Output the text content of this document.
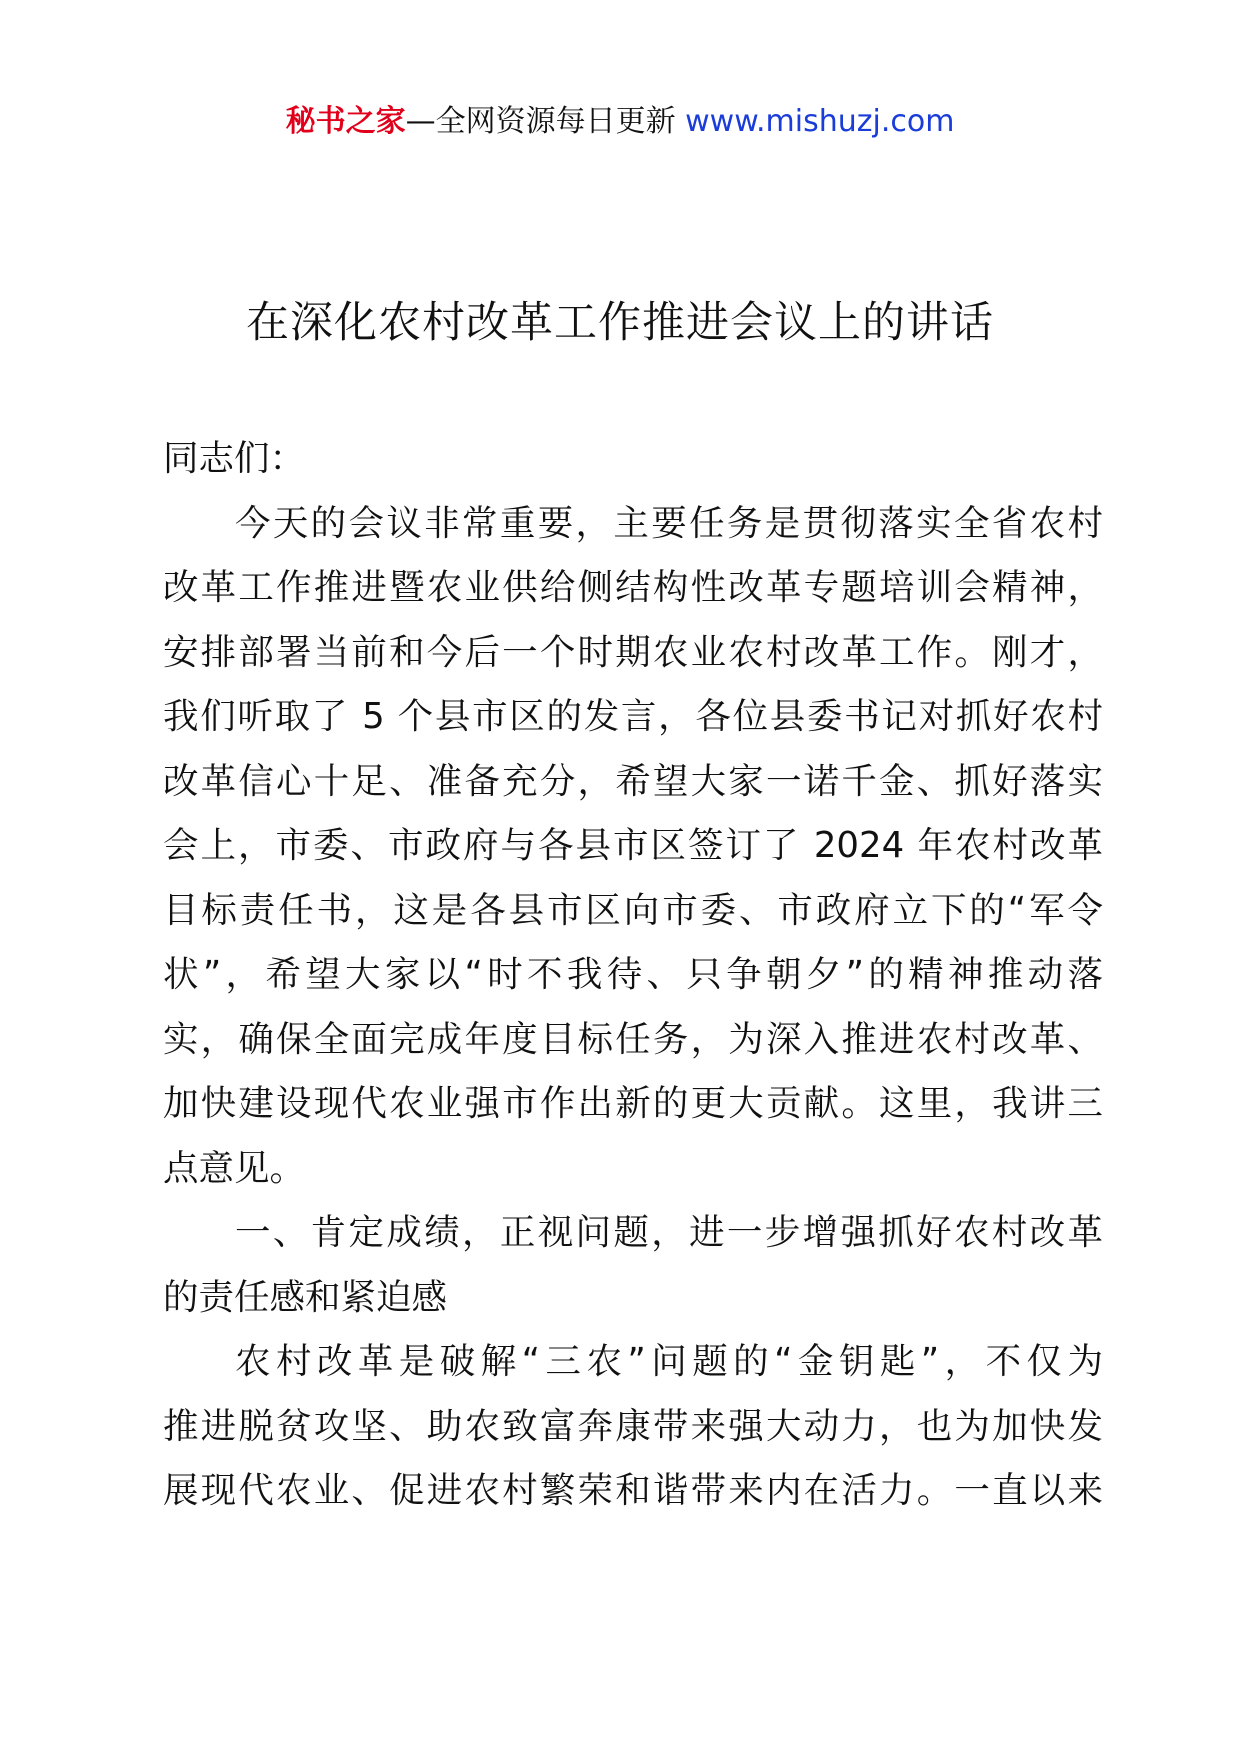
秘书之家—全网资源每日更新 www.mishuzj.com
在深化农村改革工作推进会议上的讲话
同志们：
今天的会议非常重要，主要任务是贯彻落实全省农村
改革工作推进暨农业供给侧结构性改革专题培训会精神，
安排部署当前和今后一个时期农业农村改革工作。刚才，
我们听取了 5 个县市区的发言，各位县委书记对抓好农村
改革信心十足、准备充分，希望大家一诺千金、抓好落实
会上，市委、市政府与各县市区签订了 2024 年农村改革
目标责任书，这是各县市区向市委、市政府立下的“军令
状”，希望大家以“时不我待、只争朝夕”的精神推动落
实，确保全面完成年度目标任务，为深入推进农村改革、
加快建设现代农业强市作出新的更大贡献。这里，我讲三
点意见。
一、肯定成绩，正视问题，进一步增强抓好农村改革
的责任感和紧迫感
农村改革是破解“三农”问题的“金钥匙”，不仅为
推进脱贫攻坚、助农致富奔康带来强大动力，也为加快发
展现代农业、促进农村繁荣和谐带来内在活力。一直以来
